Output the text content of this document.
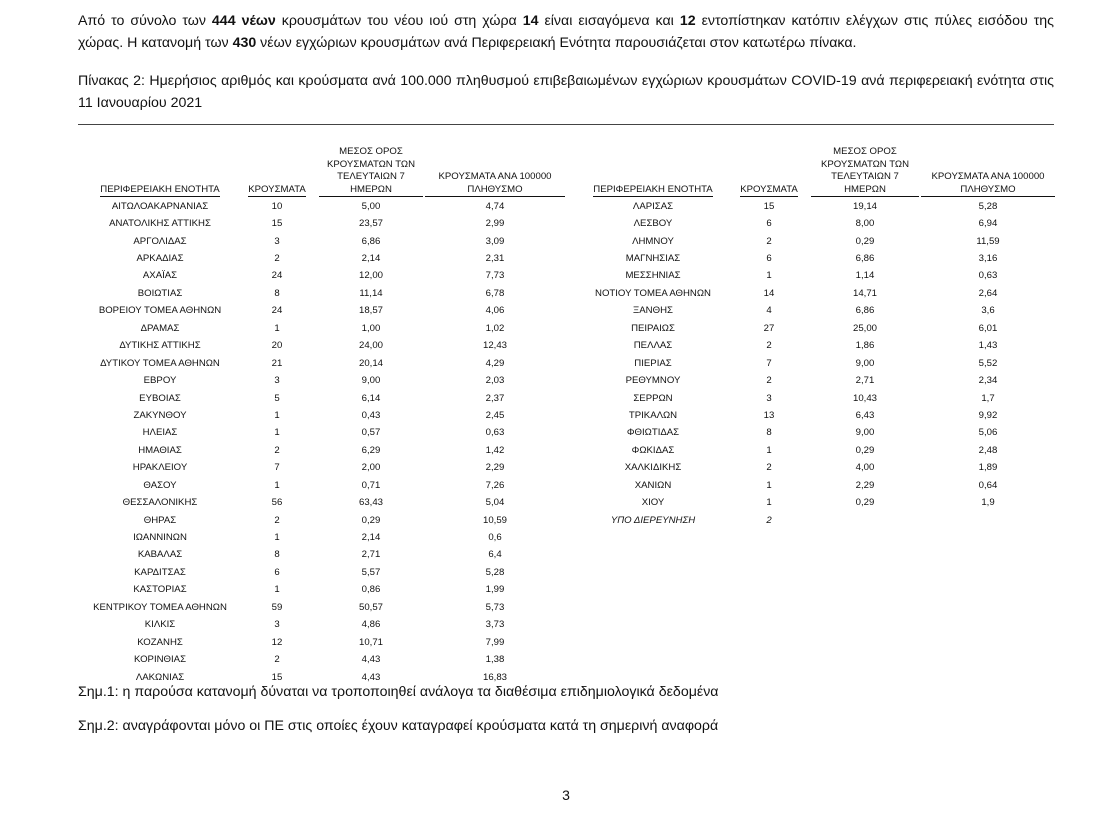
Από το σύνολο των 444 νέων κρουσμάτων του νέου ιού στη χώρα 14 είναι εισαγόμενα και 12 εντοπίστηκαν κατόπιν ελέγχων στις πύλες εισόδου της χώρας. Η κατανομή των 430 νέων εγχώριων κρουσμάτων ανά Περιφερειακή Ενότητα παρουσιάζεται στον κατωτέρω πίνακα.
Πίνακας 2: Ημερήσιος αριθμός και κρούσματα ανά 100.000 πληθυσμού επιβεβαιωμένων εγχώριων κρουσμάτων COVID-19 ανά περιφερειακή ενότητα στις 11 Ιανουαρίου 2021
ΠΕΡΙΦΕΡΕΙΑΚΗ ΕΝΟΤΗΤΑ	ΚΡΟΥΣΜΑΤΑ	ΜΕΣΟΣ ΟΡΟΣ ΚΡΟΥΣΜΑΤΩΝ ΤΩΝ ΤΕΛΕΥΤΑΙΩΝ 7 ΗΜΕΡΩΝ	ΚΡΟΥΣΜΑΤΑ ΑΝΑ 100000 ΠΛΗΘΥΣΜΟ
ΑΙΤΩΛΟΑΚΑΡΝΑΝΙΑΣ	10	5,00	4,74
ΑΝΑΤΟΛΙΚΗΣ ΑΤΤΙΚΗΣ	15	23,57	2,99
ΑΡΓΟΛΙΔΑΣ	3	6,86	3,09
ΑΡΚΑΔΙΑΣ	2	2,14	2,31
ΑΧΑΪΑΣ	24	12,00	7,73
ΒΟΙΩΤΙΑΣ	8	11,14	6,78
ΒΟΡΕΙΟΥ ΤΟΜΕΑ ΑΘΗΝΩΝ	24	18,57	4,06
ΔΡΑΜΑΣ	1	1,00	1,02
ΔΥΤΙΚΗΣ ΑΤΤΙΚΗΣ	20	24,00	12,43
ΔΥΤΙΚΟΥ ΤΟΜΕΑ ΑΘΗΝΩΝ	21	20,14	4,29
ΕΒΡΟΥ	3	9,00	2,03
ΕΥΒΟΙΑΣ	5	6,14	2,37
ΖΑΚΥΝΘΟΥ	1	0,43	2,45
ΗΛΕΙΑΣ	1	0,57	0,63
ΗΜΑΘΙΑΣ	2	6,29	1,42
ΗΡΑΚΛΕΙΟΥ	7	2,00	2,29
ΘΑΣΟΥ	1	0,71	7,26
ΘΕΣΣΑΛΟΝΙΚΗΣ	56	63,43	5,04
ΘΗΡΑΣ	2	0,29	10,59
ΙΩΑΝΝΙΝΩΝ	1	2,14	0,6
ΚΑΒΑΛΑΣ	8	2,71	6,4
ΚΑΡΔΙΤΣΑΣ	6	5,57	5,28
ΚΑΣΤΟΡΙΑΣ	1	0,86	1,99
ΚΕΝΤΡΙΚΟΥ ΤΟΜΕΑ ΑΘΗΝΩΝ	59	50,57	5,73
ΚΙΛΚΙΣ	3	4,86	3,73
ΚΟΖΑΝΗΣ	12	10,71	7,99
ΚΟΡΙΝΘΙΑΣ	2	4,43	1,38
ΛΑΚΩΝΙΑΣ	15	4,43	16,83
ΠΕΡΙΦΕΡΕΙΑΚΗ ΕΝΟΤΗΤΑ	ΚΡΟΥΣΜΑΤΑ	ΜΕΣΟΣ ΟΡΟΣ ΚΡΟΥΣΜΑΤΩΝ ΤΩΝ ΤΕΛΕΥΤΑΙΩΝ 7 ΗΜΕΡΩΝ	ΚΡΟΥΣΜΑΤΑ ΑΝΑ 100000 ΠΛΗΘΥΣΜΟ
ΛΑΡΙΣΑΣ	15	19,14	5,28
ΛΕΣΒΟΥ	6	8,00	6,94
ΛΗΜΝΟΥ	2	0,29	11,59
ΜΑΓΝΗΣΙΑΣ	6	6,86	3,16
ΜΕΣΣΗΝΙΑΣ	1	1,14	0,63
ΝΟΤΙΟΥ ΤΟΜΕΑ ΑΘΗΝΩΝ	14	14,71	2,64
ΞΑΝΘΗΣ	4	6,86	3,6
ΠΕΙΡΑΙΩΣ	27	25,00	6,01
ΠΕΛΛΑΣ	2	1,86	1,43
ΠΙΕΡΙΑΣ	7	9,00	5,52
ΡΕΘΥΜΝΟΥ	2	2,71	2,34
ΣΕΡΡΩΝ	3	10,43	1,7
ΤΡΙΚΑΛΩΝ	13	6,43	9,92
ΦΘΙΩΤΙΔΑΣ	8	9,00	5,06
ΦΩΚΙΔΑΣ	1	0,29	2,48
ΧΑΛΚΙΔΙΚΗΣ	2	4,00	1,89
ΧΑΝΙΩΝ	1	2,29	0,64
ΧΙΟΥ	1	0,29	1,9
ΥΠΟ ΔΙΕΡΕΥΝΗΣΗ	2		
Σημ.1: η παρούσα κατανομή δύναται να τροποποιηθεί ανάλογα τα διαθέσιμα επιδημιολογικά δεδομένα
Σημ.2: αναγράφονται μόνο οι ΠΕ στις οποίες έχουν καταγραφεί κρούσματα κατά τη σημερινή αναφορά
3
